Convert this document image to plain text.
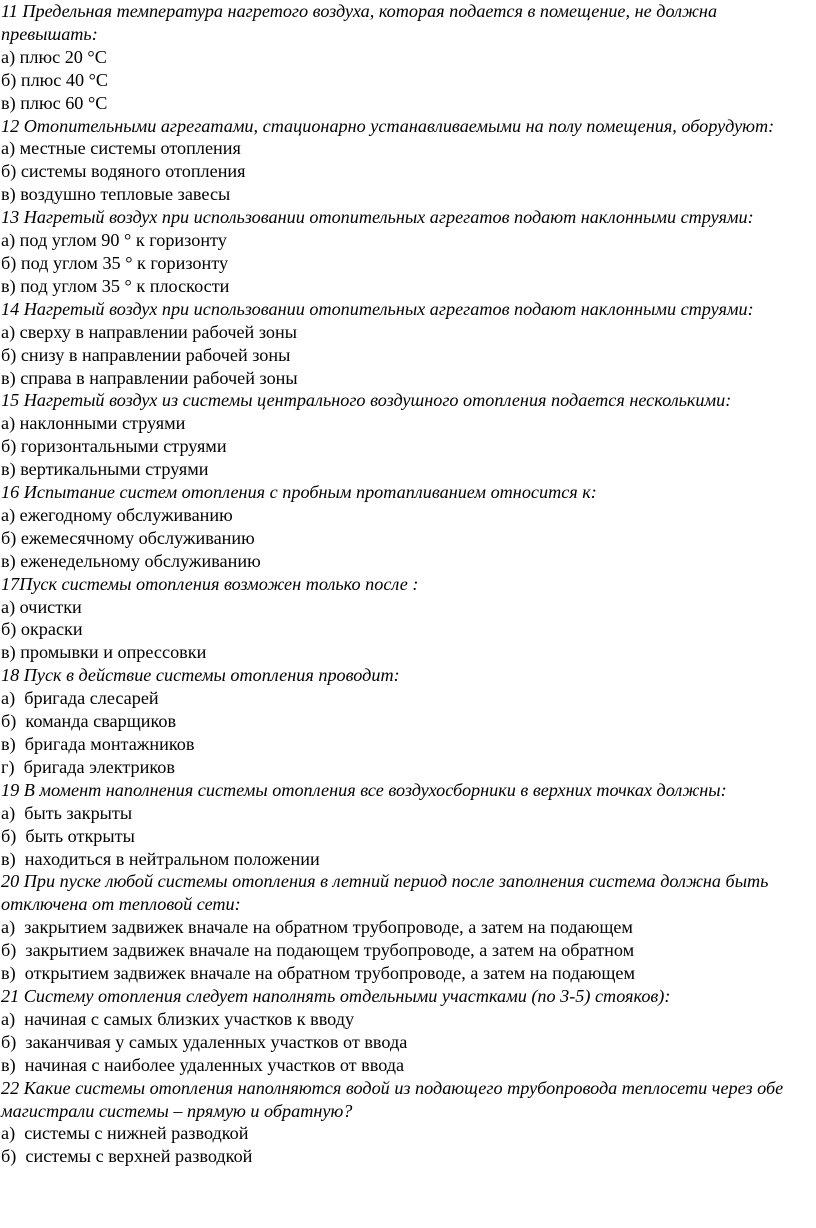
11 Предельная температура нагретого воздуха, которая подается в помещение, не должна превышать:

а) плюс 20 °С

б) плюс 40 °С

в) плюс 60 °С

12 Отопительными агрегатами, стационарно устанавливаемыми на полу помещения, оборудуют:

а) местные системы отопления

б) системы водяного отопления

в) воздушно тепловые завесы

13 Нагретый воздух при использовании отопительных агрегатов подают наклонными струями:

а) под углом 90 ° к горизонту

б) под углом 35 ° к горизонту

в) под углом 35 ° к плоскости

14 Нагретый воздух при использовании отопительных агрегатов подают наклонными струями:

а) сверху в направлении рабочей зоны

б) снизу в направлении рабочей зоны

в) справа в направлении рабочей зоны

15 Нагретый воздух из системы центрального воздушного отопления подается несколькими:

а) наклонными струями

б) горизонтальными струями

в) вертикальными струями

16 Испытание систем отопления с пробным протапливанием относится к:

а) ежегодному обслуживанию

б) ежемесячному обслуживанию

в) еженедельному обслуживанию

17Пуск системы отопления возможен только после :

а) очистки

б) окраски

в) промывки и опрессовки

18 Пуск в действие системы отопления проводит:

а)  бригада слесарей

б)  команда сварщиков

в)  бригада монтажников

г)  бригада электриков

19 В момент наполнения системы отопления все воздухосборники в верхних точках должны:

а)  быть закрыты

б)  быть открыты

в)  находиться в нейтральном положении

20 При пуске любой системы отопления в летний период после заполнения система должна быть отключена от тепловой сети:

а)  закрытием задвижек вначале на обратном трубопроводе, а затем на подающем

б)  закрытием задвижек вначале на подающем трубопроводе, а затем на обратном

в)  открытием задвижек вначале на обратном трубопроводе, а затем на подающем

21 Систему отопления следует наполнять отдельными участками (по 3-5) стояков):

а)  начиная с самых близких участков к вводу

б)  заканчивая у самых удаленных участков от ввода

в)  начиная с наиболее удаленных участков от ввода

22 Какие системы отопления наполняются водой из подающего трубопровода теплосети через обе магистрали системы – прямую и обратную?

а)  системы с нижней разводкой

б)  системы с верхней разводкой
